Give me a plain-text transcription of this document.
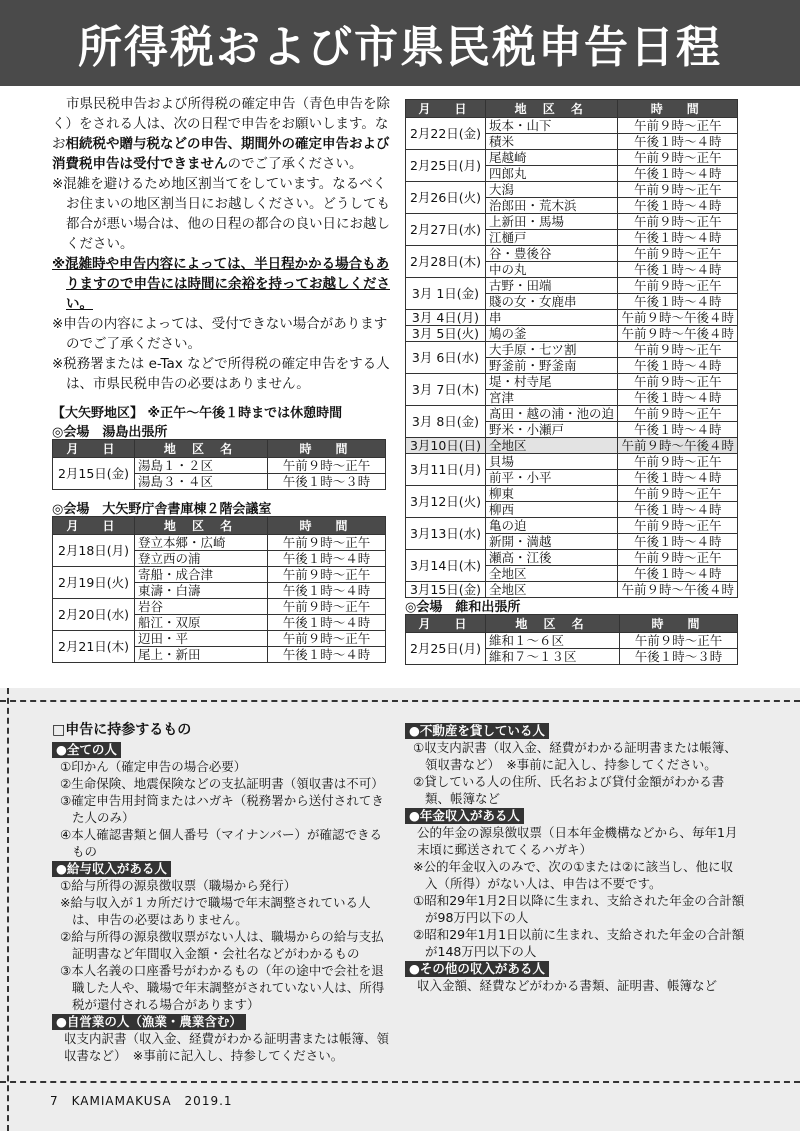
所得税および市県民税申告日程

市県民税申告および所得税の確定申告（青色申告を除く）をされる人は、次の日程で申告をお願いします。なお相続税や贈与税などの申告、期間外の確定申告および消費税申告は受付できませんのでご了承ください。

※混雑を避けるため地区割当てをしています。なるべくお住まいの地区割当日にお越しください。どうしても都合が悪い場合は、他の日程の都合の良い日にお越しください。

※混雑時や申告内容によっては、半日程かかる場合もありますので申告には時間に余裕を持ってお越しください。

※申告の内容によっては、受付できない場合がありますのでご了承ください。

※税務署または e-Tax などで所得税の確定申告をする人は、市県民税申告の必要はありません。

【大矢野地区】 ※正午〜午後１時までは休憩時間
◎会場　湯島出張所
月　日	地 区 名	時　間
2月15日(金)	湯島１・２区	午前９時〜正午
	湯島３・４区	午後１時〜３時
◎会場　大矢野庁舎書庫棟２階会議室
月　日	地 区 名	時　間
2月18日(月)	登立本郷・広崎	午前９時〜正午
	登立西の浦	午後１時〜４時
2月19日(火)	寄船・成合津	午前９時〜正午
	東濤・白濤	午後１時〜４時
2月20日(水)	岩谷	午前９時〜正午
	船江・双原	午後１時〜４時
2月21日(木)	辺田・平	午前９時〜正午
	尾上・新田	午後１時〜４時
月　日	地 区 名	時　間
2月22日(金)	坂本・山下	午前９時〜正午
	積米	午後１時〜４時
2月25日(月)	尾越崎	午前９時〜正午
	四郎丸	午後１時〜４時
2月26日(火)	大潟	午前９時〜正午
	治郎田・荒木浜	午後１時〜４時
2月27日(水)	上新田・馬場	午前９時〜正午
	江樋戸	午後１時〜４時
2月28日(木)	谷・豊後谷	午前９時〜正午
	中の丸	午後１時〜４時
3月 1日(金)	古野・田端	午前９時〜正午
	賤の女・女鹿串	午後１時〜４時
3月 4日(月)	串	午前９時〜午後４時
3月 5日(火)	鳩の釜	午前９時〜午後４時
3月 6日(水)	大手原・七ツ割	午前９時〜正午
	野釜前・野釜南	午後１時〜４時
3月 7日(木)	堤・村寺尾	午前９時〜正午
	宮津	午後１時〜４時
3月 8日(金)	髙田・越の浦・池の迫	午前９時〜正午
	野米・小瀬戸	午後１時〜４時
3月10日(日)	全地区	午前９時〜午後４時
3月11日(月)	貝場	午前９時〜正午
	前平・小平	午後１時〜４時
3月12日(火)	柳東	午前９時〜正午
	柳西	午後１時〜４時
3月13日(水)	亀の迫	午前９時〜正午
	新開・満越	午後１時〜４時
3月14日(木)	瀬高・江後	午前９時〜正午
	全地区	午後１時〜４時
3月15日(金)	全地区	午前９時〜午後４時
◎会場　維和出張所
月　日	地 区 名	時　間
2月25日(月)	維和１〜６区	午前９時〜正午
	維和７〜１３区	午後１時〜３時
□申告に持参するもの
●全ての人
①印かん（確定申告の場合必要）
②生命保険、地震保険などの支払証明書（領収書は不可）
③確定申告用封筒またはハガキ（税務署から送付されてきた人のみ）
④本人確認書類と個人番号（マイナンバー）が確認できるもの
●給与収入がある人
①給与所得の源泉徴収票（職場から発行）
※給与収入が１カ所だけで職場で年末調整されている人は、申告の必要はありません。
②給与所得の源泉徴収票がない人は、職場からの給与支払証明書など年間収入金額・会社名などがわかるもの
③本人名義の口座番号がわかるもの（年の途中で会社を退職した人や、職場で年末調整がされていない人は、所得税が還付される場合があります）
●自営業の人（漁業・農業含む）
収支内訳書（収入金、経費がわかる証明書または帳簿、領収書など）　※事前に記入し、持参してください。
●不動産を貸している人
①収支内訳書（収入金、経費がわかる証明書または帳簿、領収書など）　※事前に記入し、持参してください。
②貸している人の住所、氏名および貸付金額がわかる書類、帳簿など
●年金収入がある人
公的年金の源泉徴収票（日本年金機構などから、毎年1月末頃に郵送されてくるハガキ）
※公的年金収入のみで、次の①または②に該当し、他に収入（所得）がない人は、申告は不要です。
①昭和29年1月2日以降に生まれ、支給された年金の合計額が98万円以下の人
②昭和29年1月1日以前に生まれ、支給された年金の合計額が148万円以下の人
●その他の収入がある人
収入金額、経費などがわかる書類、証明書、帳簿など
7　KAMIAMAKUSA　2019.1
